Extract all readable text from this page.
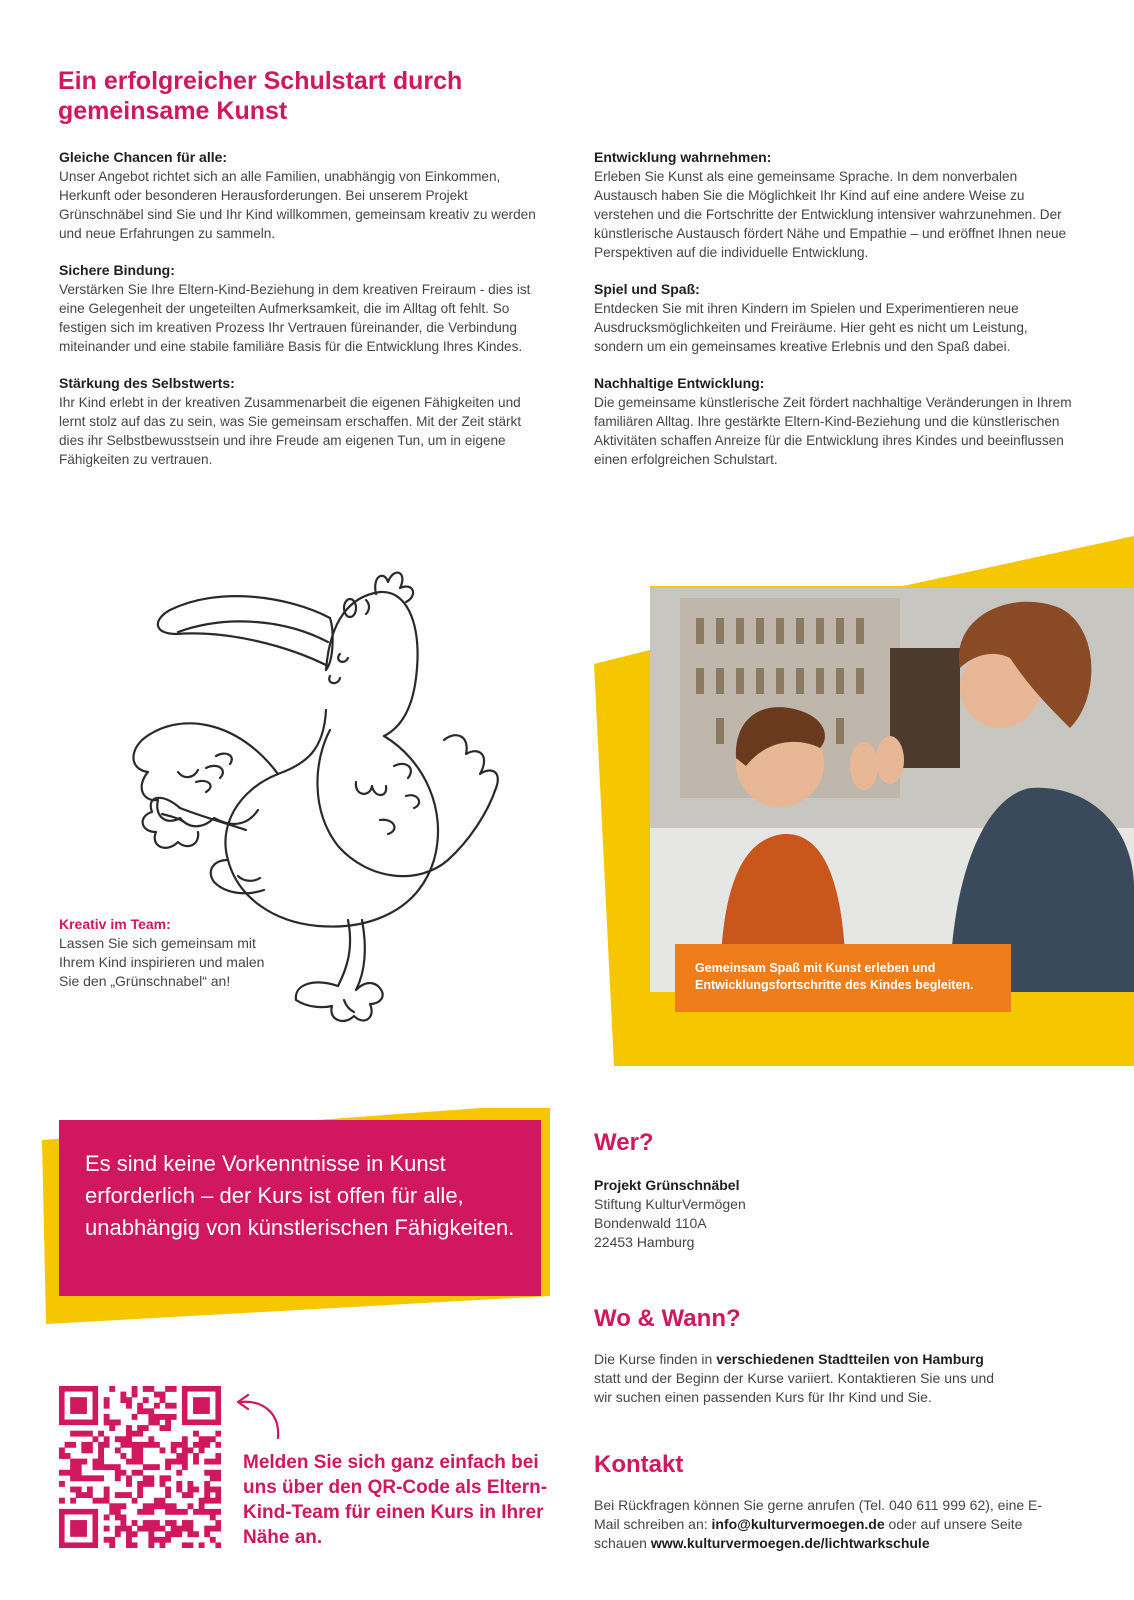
Ein erfolgreicher Schulstart durch gemeinsame Kunst
Gleiche Chancen für alle:

Unser Angebot richtet sich an alle Familien, unabhängig von Einkommen, Herkunft oder besonderen Herausforderungen. Bei unserem Projekt Grünschnäbel sind Sie und Ihr Kind willkommen, gemeinsam kreativ zu werden und neue Erfahrungen zu sammeln.

Sichere Bindung:

Verstärken Sie Ihre Eltern-Kind-Beziehung in dem kreativen Freiraum - dies ist eine Gelegenheit der ungeteilten Aufmerksamkeit, die im Alltag oft fehlt. So festigen sich im kreativen Prozess Ihr Vertrauen füreinander, die Verbindung miteinander und eine stabile familiäre Basis für die Entwicklung Ihres Kindes.

Stärkung des Selbstwerts:

Ihr Kind erlebt in der kreativen Zusammenarbeit die eigenen Fähigkeiten und lernt stolz auf das zu sein, was Sie gemeinsam erschaffen. Mit der Zeit stärkt dies ihr Selbstbewusstsein und ihre Freude am eigenen Tun, um in eigene Fähigkeiten zu vertrauen.

Entwicklung wahrnehmen:

Erleben Sie Kunst als eine gemeinsame Sprache. In dem nonverbalen Austausch haben Sie die Möglichkeit Ihr Kind auf eine andere Weise zu verstehen und die Fortschritte der Entwicklung intensiver wahrzunehmen. Der künstlerische Austausch fördert Nähe und Empathie – und eröffnet Ihnen neue Perspektiven auf die individuelle Entwicklung.

Spiel und Spaß:

Entdecken Sie mit ihren Kindern im Spielen und Experimentieren neue Ausdrucksmöglichkeiten und Freiräume. Hier geht es nicht um Leistung, sondern um ein gemeinsames kreative Erlebnis und den Spaß dabei.

Nachhaltige Entwicklung:

Die gemeinsame künstlerische Zeit fördert nachhaltige Veränderungen in Ihrem familiären Alltag. Ihre gestärkte Eltern-Kind-Beziehung und die künstlerischen Aktivitäten schaffen Anreize für die Entwicklung ihres Kindes und beeinflussen einen erfolgreichen Schulstart.

Kreativ im Team:

Lassen Sie sich gemeinsam mit Ihrem Kind inspirieren und malen Sie den „Grünschnabel“ an!

Gemeinsam Spaß mit Kunst erleben und Entwicklungsfortschritte des Kindes begleiten.
Es sind keine Vorkenntnisse in Kunst erforderlich – der Kurs ist offen für alle, unabhängig von künstlerischen Fähigkeiten.
Wer?

Projekt Grünschnäbel

Stiftung KulturVermögen

Bondenwald 110A

22453 Hamburg

Wo & Wann?

Die Kurse finden in verschiedenen Stadtteilen von Hamburg statt und der Beginn der Kurse variiert. Kontaktieren Sie uns und wir suchen einen passenden Kurs für Ihr Kind und Sie.

Kontakt

Bei Rückfragen können Sie gerne anrufen (Tel. 040 611 999 62), eine E-Mail schreiben an: info@kulturvermoegen.de oder auf unsere Seite schauen www.kulturvermoegen.de/lichtwarkschule

Melden Sie sich ganz einfach bei uns über den QR-Code als Eltern-Kind-Team für einen Kurs in Ihrer Nähe an.
